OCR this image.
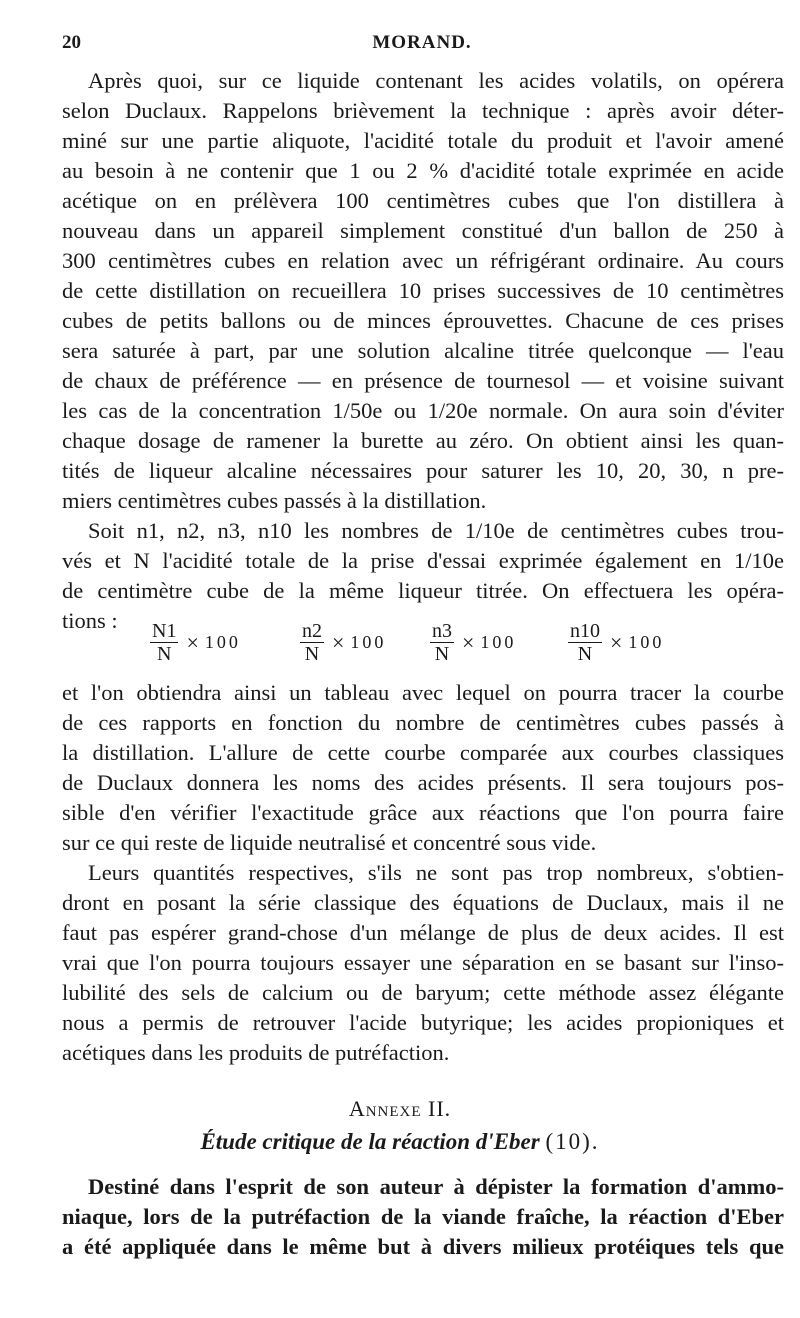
20	MORAND.
Après quoi, sur ce liquide contenant les acides volatils, on opérera
selon Duclaux. Rappelons brièvement la technique : après avoir déter-
miné sur une partie aliquote, l'acidité totale du produit et l'avoir amené
au besoin à ne contenir que 1 ou 2 % d'acidité totale exprimée en acide
acétique on en prélèvera 100 centimètres cubes que l'on distillera à
nouveau dans un appareil simplement constitué d'un ballon de 250 à
300 centimètres cubes en relation avec un réfrigérant ordinaire. Au cours
de cette distillation on recueillera 10 prises successives de 10 centimètres
cubes de petits ballons ou de minces éprouvettes. Chacune de ces prises
sera saturée à part, par une solution alcaline titrée quelconque — l'eau
de chaux de préférence — en présence de tournesol — et voisine suivant
les cas de la concentration 1/50e ou 1/20e normale. On aura soin d'éviter
chaque dosage de ramener la burette au zéro. On obtient ainsi les quan-
tités de liqueur alcaline nécessaires pour saturer les 10, 20, 30, n pre-
miers centimètres cubes passés à la distillation.
Soit n1, n2, n3, n10 les nombres de 1/10e de centimètres cubes trou-
vés et N l'acidité totale de la prise d'essai exprimée également en 1/10e
de centimètre cube de la même liqueur titrée. On effectuera les opéra-
tions :	$\frac{N1}{N} \times 100$	$\frac{n2}{N} \times 100 \frac{n3}{N} \times 100$	$\frac{n10}{N} \times 100$
et l'on obtiendra ainsi un tableau avec lequel on pourra tracer la courbe
de ces rapports en fonction du nombre de centimètres cubes passés à
la distillation. L'allure de cette courbe comparée aux courbes classiques
de Duclaux donnera les noms des acides présents. Il sera toujours pos-
sible d'en vérifier l'exactitude grâce aux réactions que l'on pourra faire
sur ce qui reste de liquide neutralisé et concentré sous vide.
Leurs quantités respectives, s'ils ne sont pas trop nombreux, s'obtien-
dront en posant la série classique des équations de Duclaux, mais il ne
faut pas espérer grand-chose d'un mélange de plus de deux acides. Il est
vrai que l'on pourra toujours essayer une séparation en se basant sur l'inso-
lubilité des sels de calcium ou de baryum; cette méthode assez élégante
nous a permis de retrouver l'acide butyrique; les acides propioniques et
acétiques dans les produits de putréfaction.
Annexe II.
Étude critique de la réaction d'Eber (10).
Destiné dans l'esprit de son auteur à dépister la formation d'ammo-
niaque, lors de la putréfaction de la viande fraîche, la réaction d'Eber
a été appliquée dans le même but à divers milieux protéiques tels que
